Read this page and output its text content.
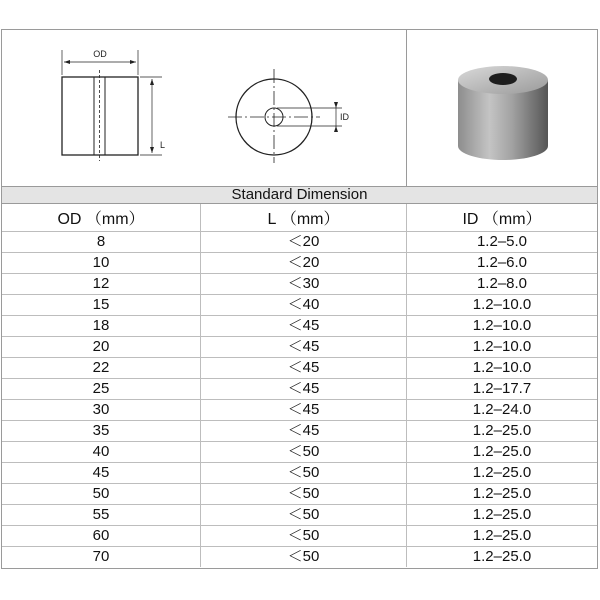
OD
L
ID
Standard Dimension
OD （mm）	L （mm）	ID （mm）
8	＜20	1.2–5.0
10	＜20	1.2–6.0
12	＜30	1.2–8.0
15	＜40	1.2–10.0
18	＜45	1.2–10.0
20	＜45	1.2–10.0
22	＜45	1.2–10.0
25	＜45	1.2–17.7
30	＜45	1.2–24.0
35	＜45	1.2–25.0
40	＜50	1.2–25.0
45	＜50	1.2–25.0
50	＜50	1.2–25.0
55	＜50	1.2–25.0
60	＜50	1.2–25.0
70	＜50	1.2–25.0
